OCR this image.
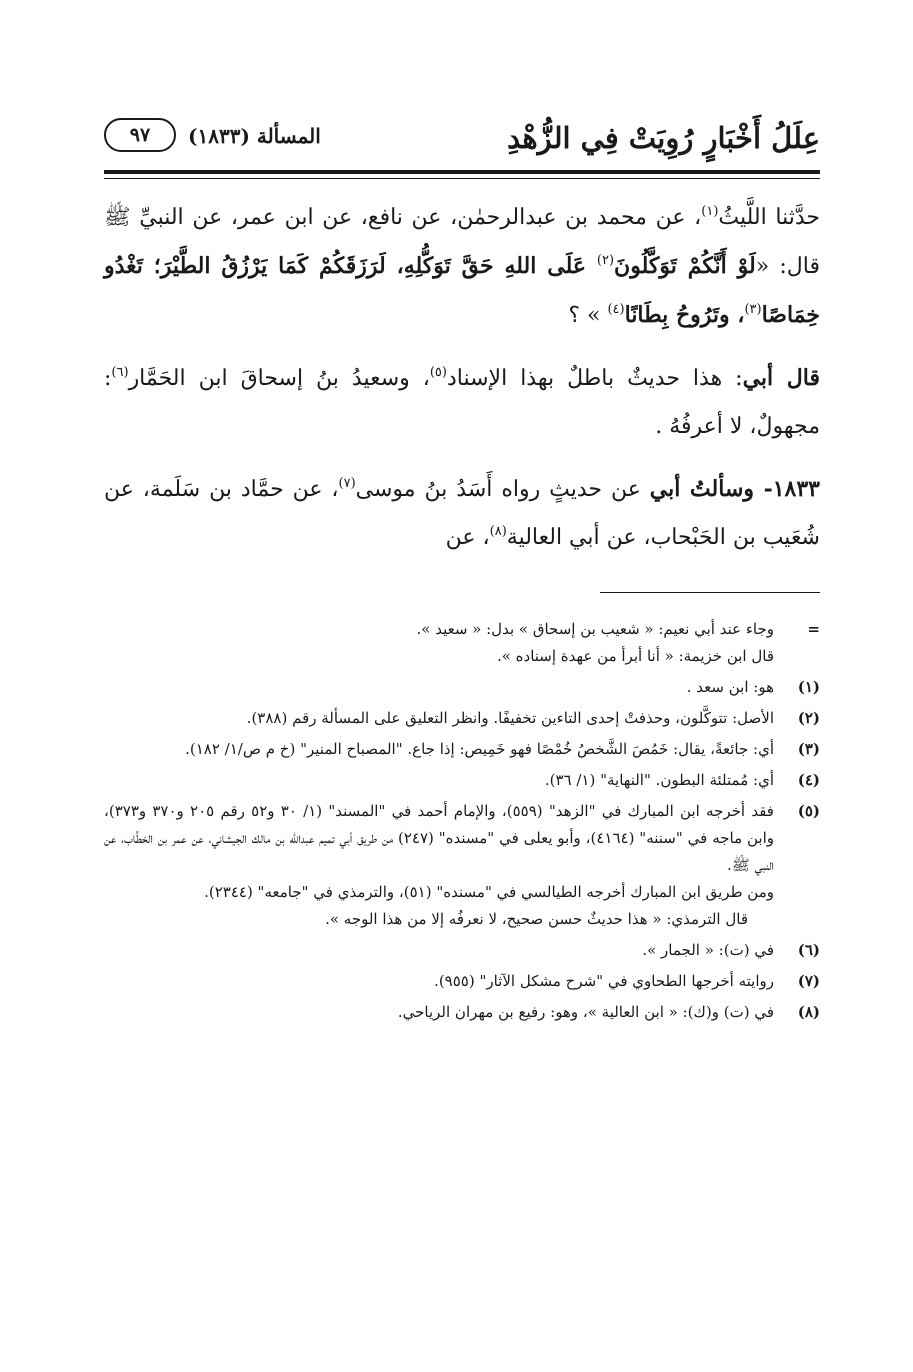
عِلَلُ أَخْبَارٍ رُوِيَتْ فِي الزُّهْدِ
المسألة (١٨٣٣)
٩٧

حدَّثنا اللَّيثُ$^{(١)}$، عن محمد بن عبدالرحمٰن، عن نافع، عن ابن عمر، عن النبيِّ ﷺ قال: «لَوْ أَنَّكُمْ تَوَكَّلُونَ$^{(٢)}$ عَلَى اللهِ حَقَّ تَوَكُّلِهِ، لَرَزَقَكُمْ كَمَا يَرْزُقُ الطَّيْرَ؛ تَغْدُو خِمَاصًا$^{(٣)}$، وتَرُوحُ بِطَانًا$^{(٤)}$ » ؟

قال أبي: هذا حديثٌ باطلٌ بهذا الإسناد$^{(٥)}$، وسعيدُ بنُ إسحاقَ ابن الحَمَّار$^{(٦)}$: مجهولٌ، لا أعرفُهُ .

١٨٣٣- وسألتُ أبي عن حديثٍ رواه أَسَدُ بنُ موسى$^{(٧)}$، عن حمَّاد بن سَلَمة، عن شُعَيب بن الحَبْحاب، عن أبي العالية$^{(٨)}$، عن

=
وجاء عند أبي نعيم: « شعيب بن إسحاق » بدل: « سعيد ».
قال ابن خزيمة: « أنا أبرأ من عهدة إسناده ».
(١)
هو: ابن سعد .
(٢)
الأصل: تتوكَّلون، وحذفتْ إحدى التاءين تخفيفًا. وانظر التعليق على المسألة رقم (٣٨٨).
(٣)
أي: جائعةً، يقال: خَمُصَ الشَّخصُ خُمْصًا فهو خَمِيص: إذا جاع. "المصباح المنير" (خ م ص/١/ ١٨٢).
(٤)
أي: مُمتلئة البطون. "النهاية" (١/ ٣٦).
(٥)
فقد أخرجه ابن المبارك في "الزهد" (٥٥٩)، والإمام أحمد في "المسند" (١/ ٣٠ و٥٢ رقم ٢٠٥ و٣٧٠ و٣٧٣)، وابن ماجه في "سننه" (٤١٦٤)، وأبو يعلى في "مسنده" (٢٤٧) من طريق أبي تميم عبدالله بن مالك الجيشاني، عن عمر بن الخطَّاب، عن النبي ﷺ.
ومن طريق ابن المبارك أخرجه الطيالسي في "مسنده" (٥١)، والترمذي في "جامعه" (٢٣٤٤).
قال الترمذي: « هذا حديثٌ حسن صحيح، لا نعرفُه إلا من هذا الوجه ».
(٦)
في (ت): « الجمار ».
(٧)
روايته أخرجها الطحاوي في "شرح مشكل الآثار" (٩٥٥).
(٨)
في (ت) و(ك): « ابن العالية »، وهو: رفيع بن مهران الرياحي.
